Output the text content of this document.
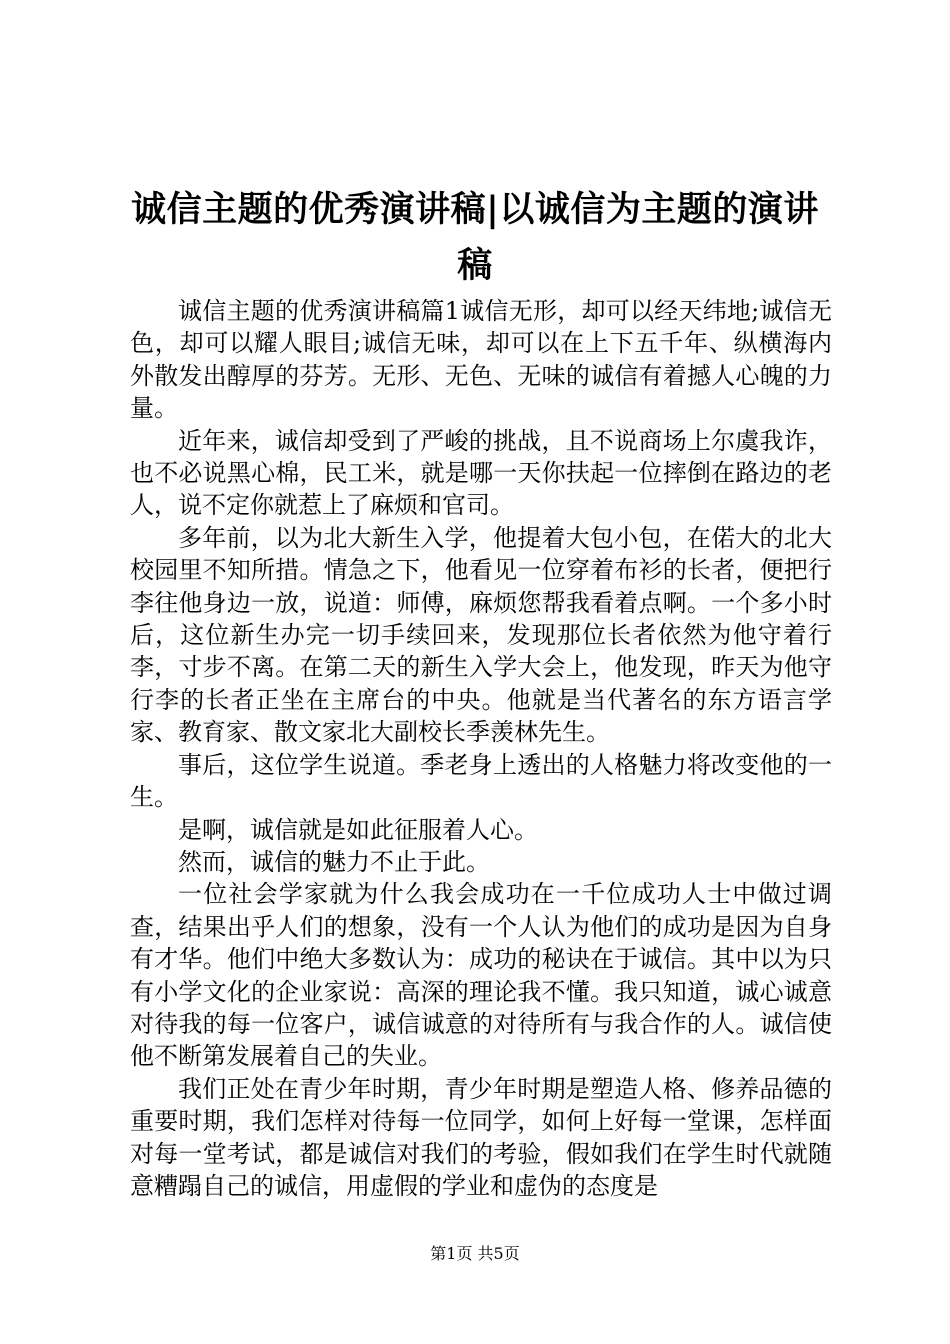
诚信主题的优秀演讲稿|以诚信为主题的演讲稿

诚信主题的优秀演讲稿篇1诚信无形，却可以经天纬地;诚信无色，却可以耀人眼目;诚信无味，却可以在上下五千年、纵横海内外散发出醇厚的芬芳。无形、无色、无味的诚信有着撼人心魄的力量。

近年来，诚信却受到了严峻的挑战，且不说商场上尔虞我诈，也不必说黑心棉，民工米，就是哪一天你扶起一位摔倒在路边的老人，说不定你就惹上了麻烦和官司。

多年前，以为北大新生入学，他提着大包小包，在偌大的北大校园里不知所措。情急之下，他看见一位穿着布衫的长者，便把行李往他身边一放，说道：师傅，麻烦您帮我看着点啊。一个多小时后，这位新生办完一切手续回来，发现那位长者依然为他守着行李，寸步不离。在第二天的新生入学大会上，他发现，昨天为他守行李的长者正坐在主席台的中央。他就是当代著名的东方语言学家、教育家、散文家北大副校长季羡林先生。

事后，这位学生说道。季老身上透出的人格魅力将改变他的一生。

是啊，诚信就是如此征服着人心。

然而，诚信的魅力不止于此。

一位社会学家就为什么我会成功在一千位成功人士中做过调查，结果出乎人们的想象，没有一个人认为他们的成功是因为自身有才华。他们中绝大多数认为：成功的秘诀在于诚信。其中以为只有小学文化的企业家说：高深的理论我不懂。我只知道，诚心诚意对待我的每一位客户，诚信诚意的对待所有与我合作的人。诚信使他不断第发展着自己的失业。

我们正处在青少年时期，青少年时期是塑造人格、修养品德的重要时期，我们怎样对待每一位同学，如何上好每一堂课，怎样面对每一堂考试，都是诚信对我们的考验，假如我们在学生时代就随意糟蹋自己的诚信，用虚假的学业和虚伪的态度是

第1页 共5页
